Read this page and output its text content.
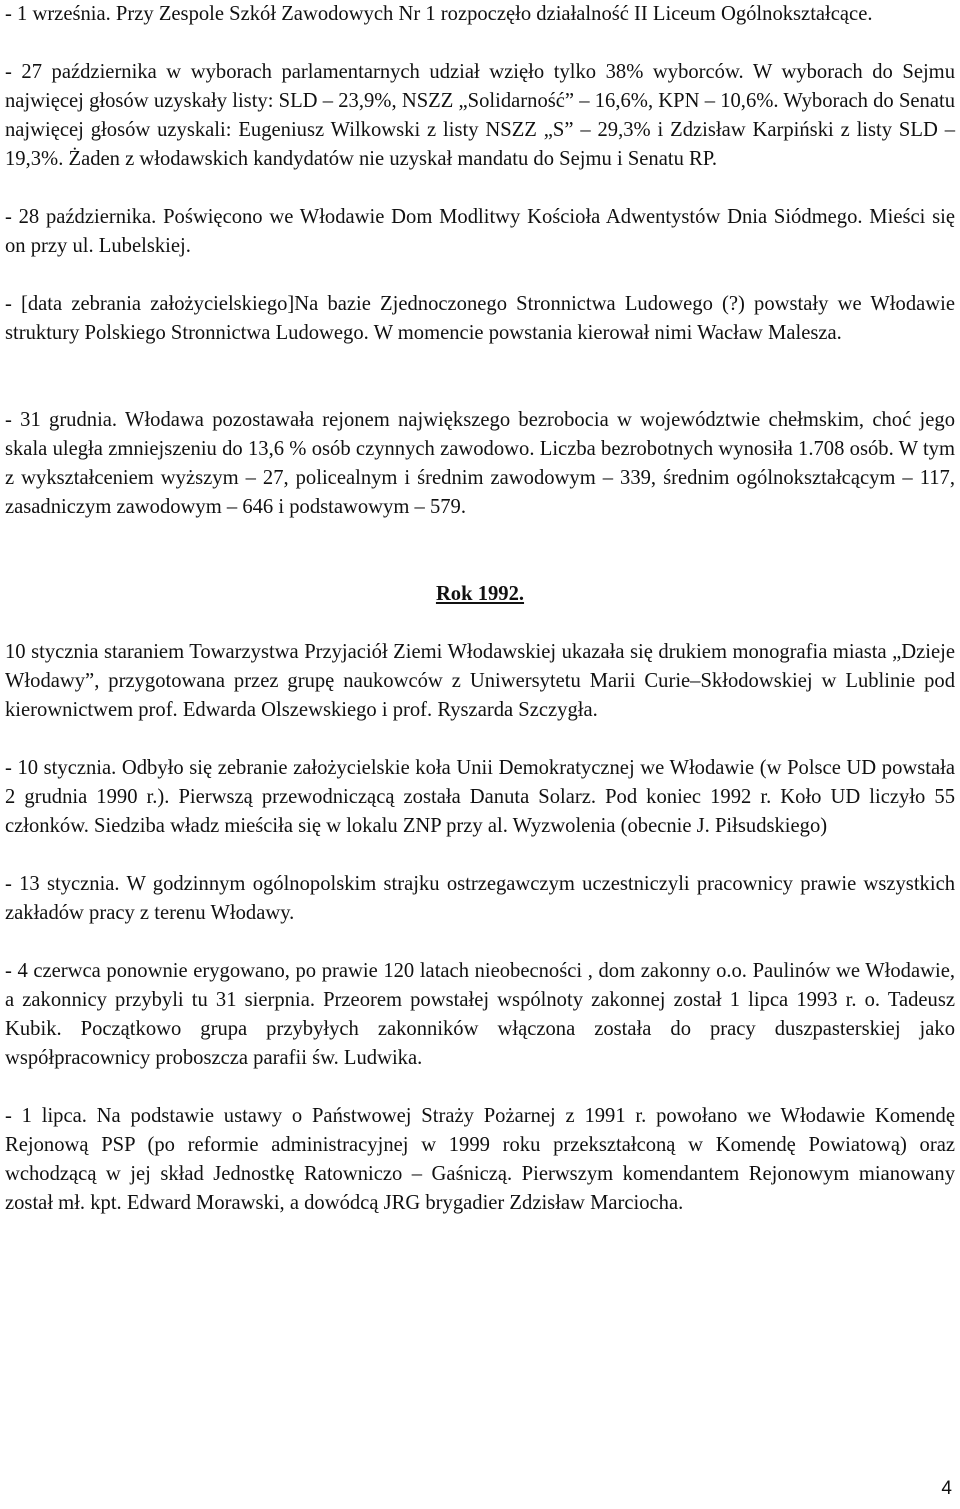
- 1 września. Przy Zespole Szkół Zawodowych Nr 1 rozpoczęło działalność II Liceum Ogólnokształcące.

- 27 października w wyborach parlamentarnych udział wzięło tylko 38% wyborców. W wyborach do Sejmu najwięcej głosów uzyskały listy: SLD – 23,9%, NSZZ „Solidarność” – 16,6%, KPN – 10,6%. Wyborach do Senatu najwięcej głosów uzyskali: Eugeniusz Wilkowski z listy NSZZ „S” – 29,3% i Zdzisław Karpiński z listy SLD – 19,3%. Żaden z włodawskich kandydatów nie uzyskał mandatu do Sejmu i Senatu RP.

- 28 października. Poświęcono we Włodawie Dom Modlitwy Kościoła Adwentystów Dnia Siódmego. Mieści się on przy ul. Lubelskiej.

- [data zebrania założycielskiego]Na bazie Zjednoczonego Stronnictwa Ludowego (?) powstały we Włodawie struktury Polskiego Stronnictwa Ludowego. W momencie powstania kierował nimi Wacław Malesza.

- 31 grudnia. Włodawa pozostawała rejonem największego bezrobocia w województwie chełmskim, choć jego skala uległa zmniejszeniu do 13,6 % osób czynnych zawodowo. Liczba bezrobotnych wynosiła 1.708 osób. W tym z wykształceniem wyższym – 27, policealnym i średnim zawodowym – 339, średnim ogólnokształcącym – 117, zasadniczym zawodowym – 646 i podstawowym – 579.

Rok 1992.

10 stycznia staraniem Towarzystwa Przyjaciół Ziemi Włodawskiej ukazała się drukiem monografia miasta „Dzieje Włodawy”, przygotowana przez grupę naukowców z Uniwersytetu Marii Curie–Skłodowskiej w Lublinie pod kierownictwem prof. Edwarda Olszewskiego i prof. Ryszarda Szczygła.

- 10 stycznia. Odbyło się zebranie założycielskie koła Unii Demokratycznej we Włodawie (w Polsce UD powstała 2 grudnia 1990 r.). Pierwszą przewodniczącą została Danuta Solarz. Pod koniec 1992 r. Koło UD liczyło 55 członków. Siedziba władz mieściła się w lokalu ZNP przy al. Wyzwolenia (obecnie J. Piłsudskiego)

- 13 stycznia. W godzinnym ogólnopolskim strajku ostrzegawczym uczestniczyli pracownicy prawie wszystkich zakładów pracy z terenu Włodawy.

- 4 czerwca ponownie erygowano, po prawie 120 latach nieobecności , dom zakonny o.o. Paulinów we Włodawie, a zakonnicy przybyli tu 31 sierpnia. Przeorem powstałej wspólnoty zakonnej został 1 lipca 1993 r. o. Tadeusz Kubik. Początkowo grupa przybyłych zakonników włączona została do pracy duszpasterskiej jako współpracownicy proboszcza parafii św. Ludwika.

- 1 lipca. Na podstawie ustawy o Państwowej Straży Pożarnej z 1991 r. powołano we Włodawie Komendę Rejonową PSP (po reformie administracyjnej w 1999 roku przekształconą w Komendę Powiatową) oraz wchodzącą w jej skład Jednostkę Ratowniczo – Gaśniczą. Pierwszym komendantem Rejonowym mianowany został mł. kpt. Edward Morawski, a dowódcą JRG brygadier Zdzisław Marciocha.

4
